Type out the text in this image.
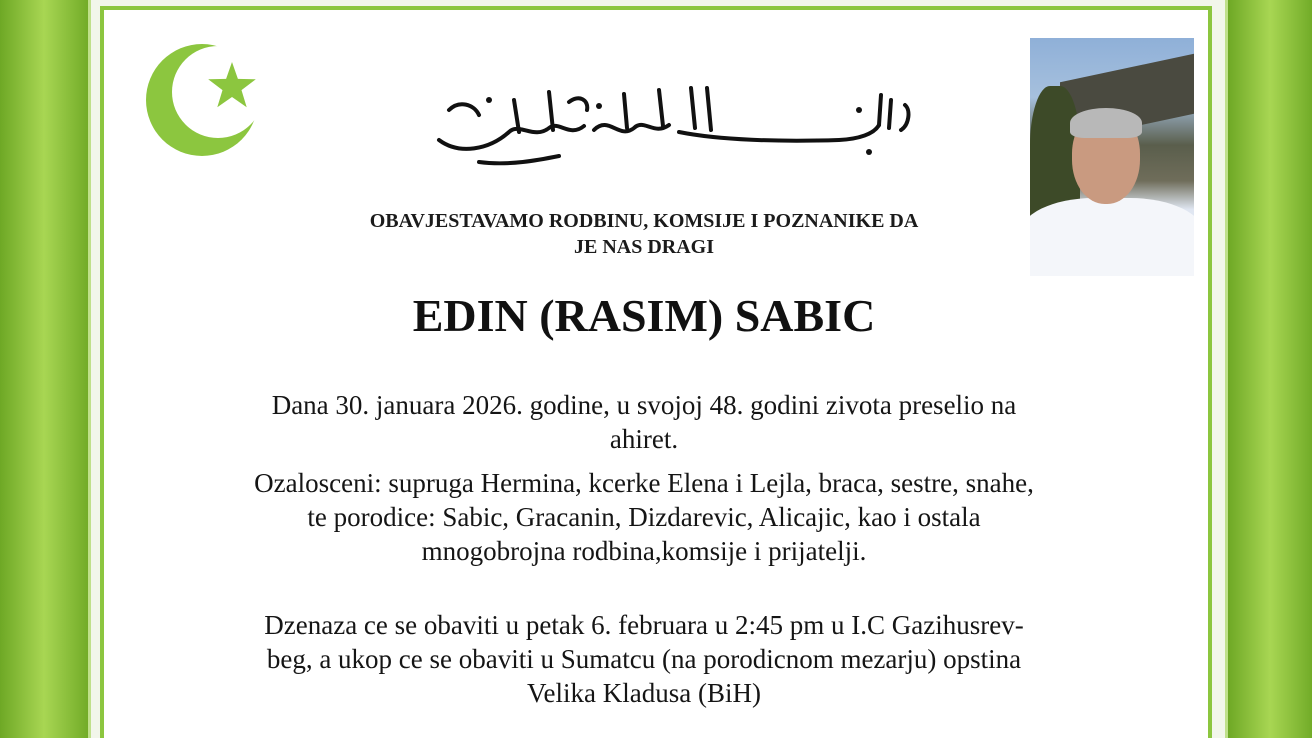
OBAVJESTAVAMO RODBINU, KOMSIJE I POZNANIKE DA
JE NAS DRAGI
EDIN (RASIM) SABIC
Dana 30. januara 2026. godine, u svojoj 48. godini zivota preselio na
ahiret.
Ozalosceni: supruga Hermina, kcerke Elena i Lejla, braca, sestre, snahe,
te porodice: Sabic, Gracanin, Dizdarevic, Alicajic, kao i ostala
mnogobrojna rodbina,komsije i prijatelji.
Dzenaza ce se obaviti u petak 6. februara u 2:45 pm u I.C Gazihusrev-
beg, a ukop ce se obaviti u Sumatcu (na porodicnom mezarju) opstina
Velika Kladusa (BiH)
